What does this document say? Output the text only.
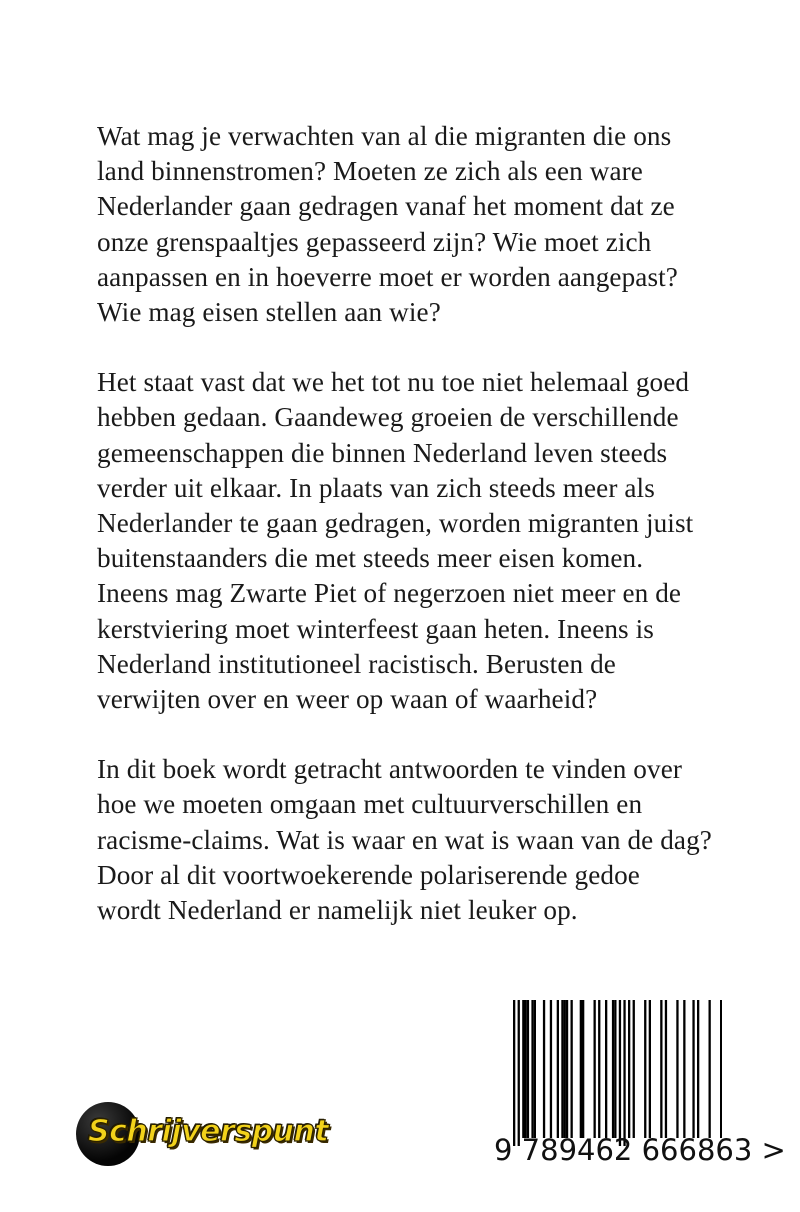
Wat mag je verwachten van al die migranten die ons
land binnenstromen? Moeten ze zich als een ware
Nederlander gaan gedragen vanaf het moment dat ze
onze grenspaaltjes gepasseerd zijn? Wie moet zich
aanpassen en in hoeverre moet er worden aangepast?
Wie mag eisen stellen aan wie?

Het staat vast dat we het tot nu toe niet helemaal goed
hebben gedaan. Gaandeweg groeien de verschillende
gemeenschappen die binnen Nederland leven steeds
verder uit elkaar. In plaats van zich steeds meer als
Nederlander te gaan gedragen, worden migranten juist
buitenstaanders die met steeds meer eisen komen.
Ineens mag Zwarte Piet of negerzoen niet meer en de
kerstviering moet winterfeest gaan heten. Ineens is
Nederland institutioneel racistisch. Berusten de
verwijten over en weer op waan of waarheid?

In dit boek wordt getracht antwoorden te vinden over
hoe we moeten omgaan met cultuurverschillen en
racisme-claims. Wat is waar en wat is waan van de dag?
Door al dit voortwoekerende polariserende gedoe
wordt Nederland er namelijk niet leuker op.

Schrijverspunt
9 789462 666863 >
